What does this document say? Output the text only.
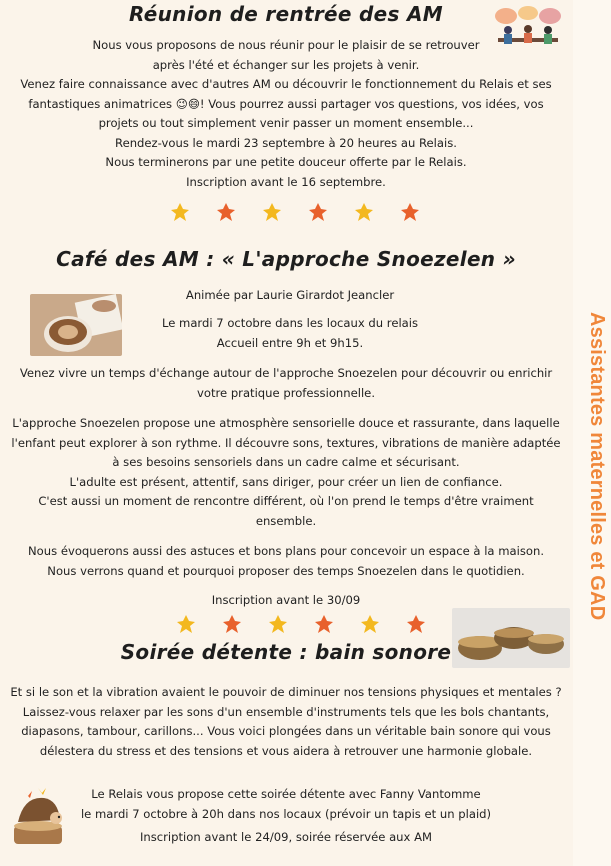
Assistantes maternelles et GAD
Réunion de rentrée des AM
Nous vous proposons de nous réunir pour le plaisir de se retrouver
après l'été et échanger sur les projets à venir.
Venez faire connaissance avec d'autres AM ou découvrir le fonctionnement du Relais et ses
fantastiques animatrices 😉😄! Vous pourrez aussi partager vos questions, vos idées, vos
projets ou tout simplement venir passer un moment ensemble...
Rendez-vous le mardi 23 septembre à 20 heures au Relais.
Nous terminerons par une petite douceur offerte par le Relais.
Inscription avant le 16 septembre.
Café des AM : « L'approche Snoezelen »
Animée par Laurie Girardot Jeancler
Le mardi 7 octobre dans les locaux du relais
Accueil entre 9h et 9h15.
Venez vivre un temps d'échange autour de l'approche Snoezelen pour découvrir ou enrichir
votre pratique professionnelle.
L'approche Snoezelen propose une atmosphère sensorielle douce et rassurante, dans laquelle
l'enfant peut explorer à son rythme. Il découvre sons, textures, vibrations de manière adaptée
à ses besoins sensoriels dans un cadre calme et sécurisant.
L'adulte est présent, attentif, sans diriger, pour créer un lien de confiance.
C'est aussi un moment de rencontre différent, où l'on prend le temps d'être vraiment
ensemble.
Nous évoquerons aussi des astuces et bons plans pour concevoir un espace à la maison.
Nous verrons quand et pourquoi proposer des temps Snoezelen dans le quotidien.
Inscription avant le 30/09
Soirée détente : bain sonore
Et si le son et la vibration avaient le pouvoir de diminuer nos tensions physiques et mentales ?
Laissez-vous relaxer par les sons d'un ensemble d'instruments tels que les bols chantants,
diapasons, tambour, carillons... Vous voici plongées dans un véritable bain sonore qui vous
délestera du stress et des tensions et vous aidera à retrouver une harmonie globale.
Le Relais vous propose cette soirée détente avec Fanny Vantomme
le mardi 7 octobre à 20h dans nos locaux (prévoir un tapis et un plaid)
Inscription avant le 24/09, soirée réservée aux AM
